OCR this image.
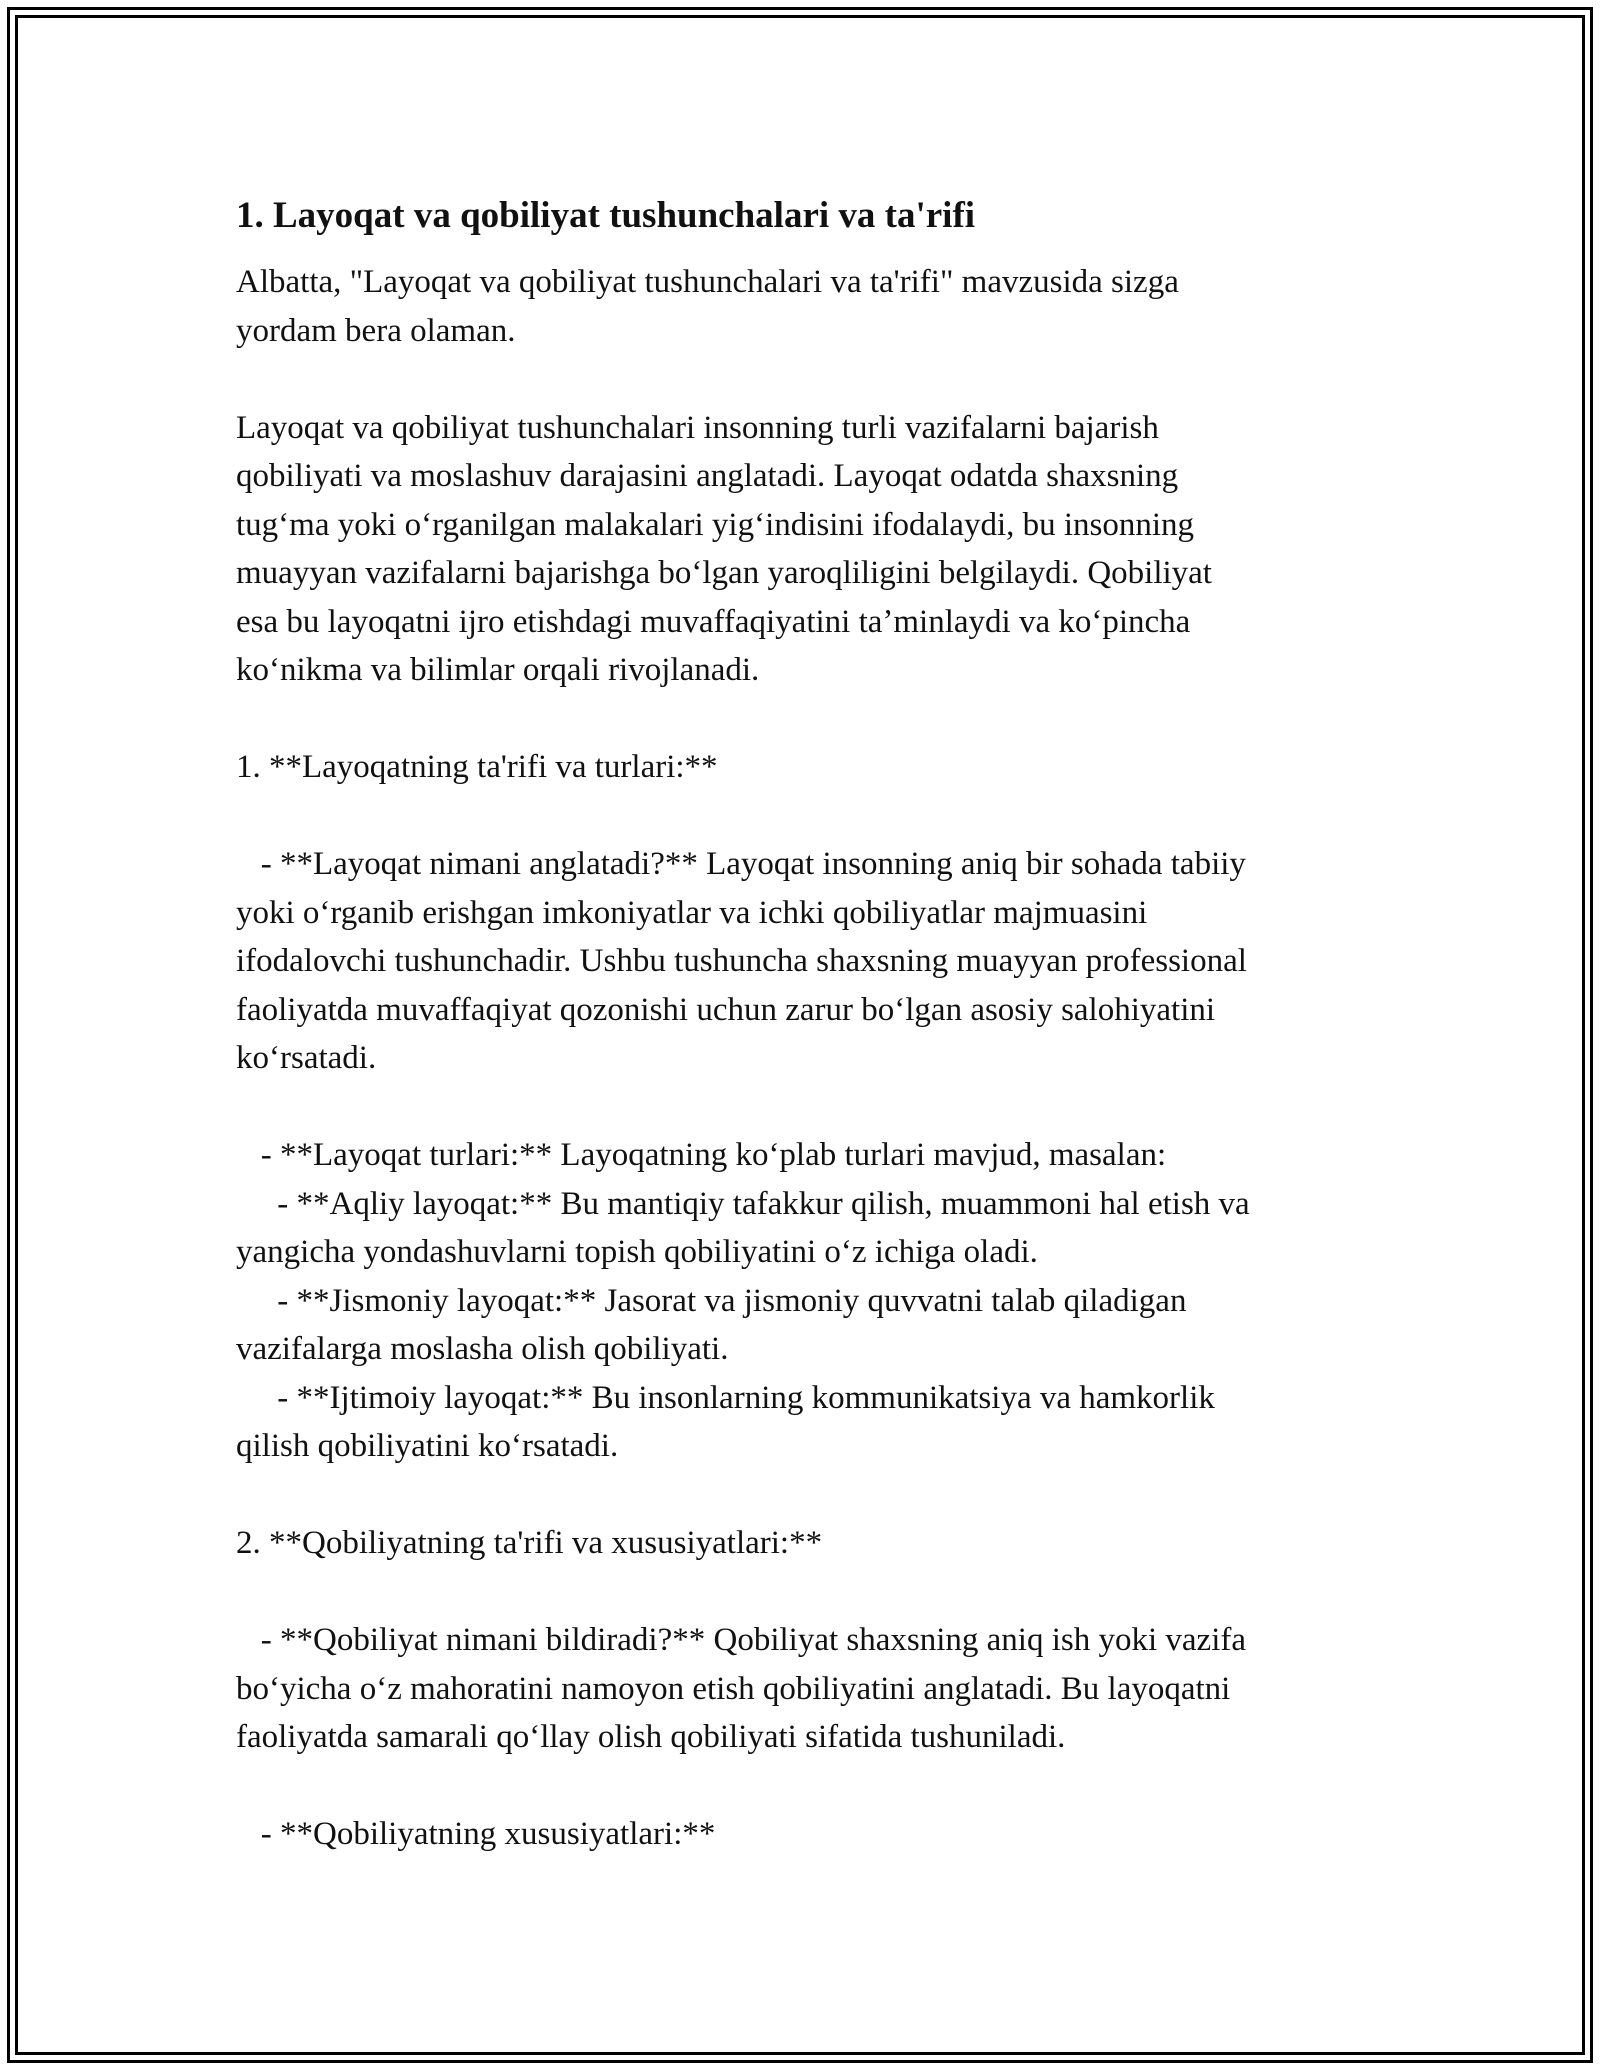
1. Layoqat va qobiliyat tushunchalari va ta'rifi

Albatta, "Layoqat va qobiliyat tushunchalari va ta'rifi" mavzusida sizga
yordam bera olaman.

Layoqat va qobiliyat tushunchalari insonning turli vazifalarni bajarish
qobiliyati va moslashuv darajasini anglatadi. Layoqat odatda shaxsning
tugʻma yoki oʻrganilgan malakalari yigʻindisini ifodalaydi, bu insonning
muayyan vazifalarni bajarishga boʻlgan yaroqliligini belgilaydi. Qobiliyat
esa bu layoqatni ijro etishdagi muvaffaqiyatini taʼminlaydi va koʻpincha
koʻnikma va bilimlar orqali rivojlanadi.

1. **Layoqatning ta'rifi va turlari:**

- **Layoqat nimani anglatadi?** Layoqat insonning aniq bir sohada tabiiy
yoki oʻrganib erishgan imkoniyatlar va ichki qobiliyatlar majmuasini
ifodalovchi tushunchadir. Ushbu tushuncha shaxsning muayyan professional
faoliyatda muvaffaqiyat qozonishi uchun zarur boʻlgan asosiy salohiyatini
koʻrsatadi.

- **Layoqat turlari:** Layoqatning koʻplab turlari mavjud, masalan:
- **Aqliy layoqat:** Bu mantiqiy tafakkur qilish, muammoni hal etish va
yangicha yondashuvlarni topish qobiliyatini oʻz ichiga oladi.
- **Jismoniy layoqat:** Jasorat va jismoniy quvvatni talab qiladigan
vazifalarga moslasha olish qobiliyati.
- **Ijtimoiy layoqat:** Bu insonlarning kommunikatsiya va hamkorlik
qilish qobiliyatini koʻrsatadi.

2. **Qobiliyatning ta'rifi va xususiyatlari:**

- **Qobiliyat nimani bildiradi?** Qobiliyat shaxsning aniq ish yoki vazifa
boʻyicha oʻz mahoratini namoyon etish qobiliyatini anglatadi. Bu layoqatni
faoliyatda samarali qoʻllay olish qobiliyati sifatida tushuniladi.

- **Qobiliyatning xususiyatlari:**
